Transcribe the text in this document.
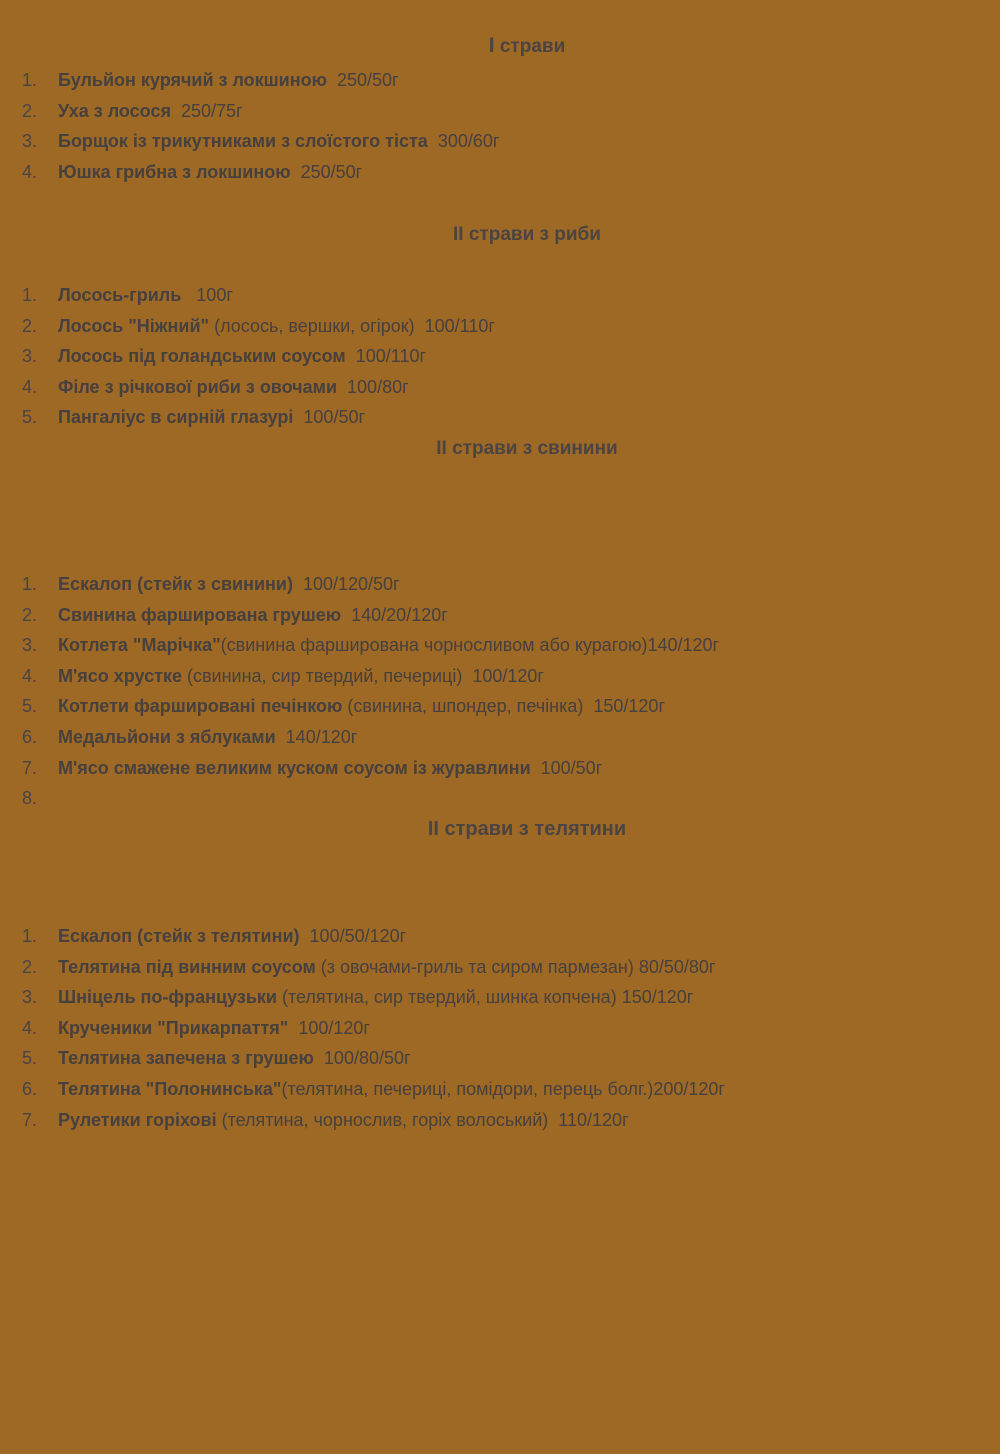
I страви
1.	Бульйон курячий з локшиною  250/50г
2.	Уха з лосося  250/75г
3.	Борщок із трикутниками з слоїстого тіста  300/60г
4.	Юшка грибна з локшиною  250/50г
II страви з риби
1.	Лосось-гриль   100г
2.	Лосось "Ніжний" (лосось, вершки, огірок)  100/110г
3.	Лосось під голандським соусом  100/110г
4.	Філе з річкової риби з овочами  100/80г
5.	Пангаліус в сирній глазурі  100/50г
II страви з свинини
1.	Ескалоп (стейк з свинини)  100/120/50г
2.	Свинина фарширована грушею  140/20/120г
3.	Котлета "Марічка"(свинина фарширована чорносливом або курагою)140/120г
4.	М'ясо хрустке (свинина, сир твердий, печериці)  100/120г
5.	Котлети фаршировані печінкою (свинина, шпондер, печінка)  150/120г
6.	Медальйони з яблуками  140/120г
7.	М'ясо смажене великим куском соусом із журавлини  100/50г
8.
II страви з телятини
1.	Ескалоп (стейк з телятини)  100/50/120г
2.	Телятина під винним соусом (з овочами-гриль та сиром пармезан) 80/50/80г
3.	Шніцель по-французьки (телятина, сир твердий, шинка копчена) 150/120г
4.	Крученики "Прикарпаття"  100/120г
5.	Телятина запечена з грушею  100/80/50г
6.	Телятина "Полонинська"(телятина, печериці, помідори, перець болг.)200/120г
7.	Рулетики горіхові (телятина, чорнослив, горіх волоський)  110/120г
